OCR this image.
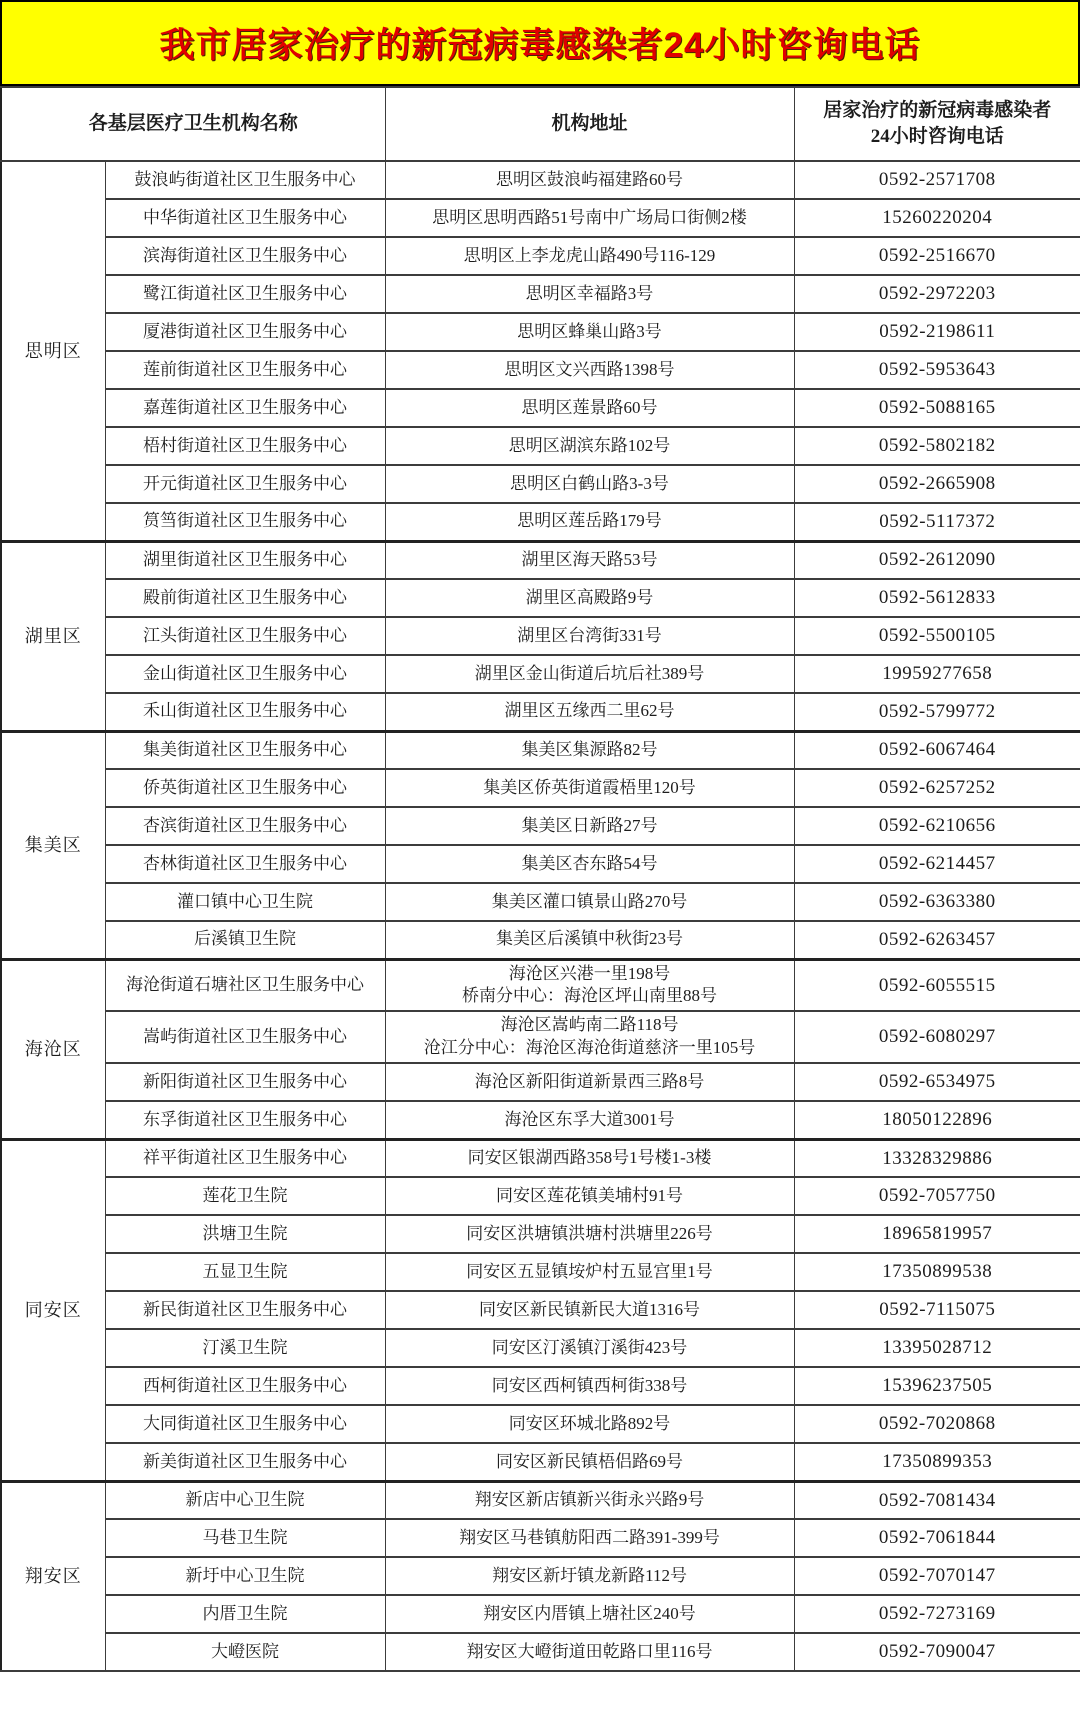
我市居家治疗的新冠病毒感染者24小时咨询电话
各基层医疗卫生机构名称		机构地址	居家治疗的新冠病毒感染者
24小时咨询电话

思明区	鼓浪屿街道社区卫生服务中心	思明区鼓浪屿福建路60号	0592-2571708
	中华街道社区卫生服务中心	思明区思明西路51号南中广场局口街侧2楼	15260220204
	滨海街道社区卫生服务中心	思明区上李龙虎山路490号116-129	0592-2516670
	鹭江街道社区卫生服务中心	思明区幸福路3号	0592-2972203
	厦港街道社区卫生服务中心	思明区蜂巢山路3号	0592-2198611
	莲前街道社区卫生服务中心	思明区文兴西路1398号	0592-5953643
	嘉莲街道社区卫生服务中心	思明区莲景路60号	0592-5088165
	梧村街道社区卫生服务中心	思明区湖滨东路102号	0592-5802182
	开元街道社区卫生服务中心	思明区白鹤山路3-3号	0592-2665908
	筼筜街道社区卫生服务中心	思明区莲岳路179号	0592-5117372
湖里区	湖里街道社区卫生服务中心	湖里区海天路53号	0592-2612090
	殿前街道社区卫生服务中心	湖里区高殿路9号	0592-5612833
	江头街道社区卫生服务中心	湖里区台湾街331号	0592-5500105
	金山街道社区卫生服务中心	湖里区金山街道后坑后社389号	19959277658
	禾山街道社区卫生服务中心	湖里区五缘西二里62号	0592-5799772
集美区	集美街道社区卫生服务中心	集美区集源路82号	0592-6067464
	侨英街道社区卫生服务中心	集美区侨英街道霞梧里120号	0592-6257252
	杏滨街道社区卫生服务中心	集美区日新路27号	0592-6210656
	杏林街道社区卫生服务中心	集美区杏东路54号	0592-6214457
	灌口镇中心卫生院	集美区灌口镇景山路270号	0592-6363380
	后溪镇卫生院	集美区后溪镇中秋街23号	0592-6263457
海沧区	海沧街道石塘社区卫生服务中心	海沧区兴港一里198号
桥南分中心：海沧区坪山南里88号	0592-6055515
	嵩屿街道社区卫生服务中心	海沧区嵩屿南二路118号
沧江分中心：海沧区海沧街道慈济一里105号	0592-6080297
	新阳街道社区卫生服务中心	海沧区新阳街道新景西三路8号	0592-6534975
	东孚街道社区卫生服务中心	海沧区东孚大道3001号	18050122896
同安区	祥平街道社区卫生服务中心	同安区银湖西路358号1号楼1-3楼	13328329886
	莲花卫生院	同安区莲花镇美埔村91号	0592-7057750
	洪塘卫生院	同安区洪塘镇洪塘村洪塘里226号	18965819957
	五显卫生院	同安区五显镇垵炉村五显宫里1号	17350899538
	新民街道社区卫生服务中心	同安区新民镇新民大道1316号	0592-7115075
	汀溪卫生院	同安区汀溪镇汀溪街423号	13395028712
	西柯街道社区卫生服务中心	同安区西柯镇西柯街338号	15396237505
	大同街道社区卫生服务中心	同安区环城北路892号	0592-7020868
	新美街道社区卫生服务中心	同安区新民镇梧侣路69号	17350899353
翔安区	新店中心卫生院	翔安区新店镇新兴街永兴路9号	0592-7081434
	马巷卫生院	翔安区马巷镇舫阳西二路391-399号	0592-7061844
	新圩中心卫生院	翔安区新圩镇龙新路112号	0592-7070147
	内厝卫生院	翔安区内厝镇上塘社区240号	0592-7273169
	大嶝医院	翔安区大嶝街道田乾路口里116号	0592-7090047
